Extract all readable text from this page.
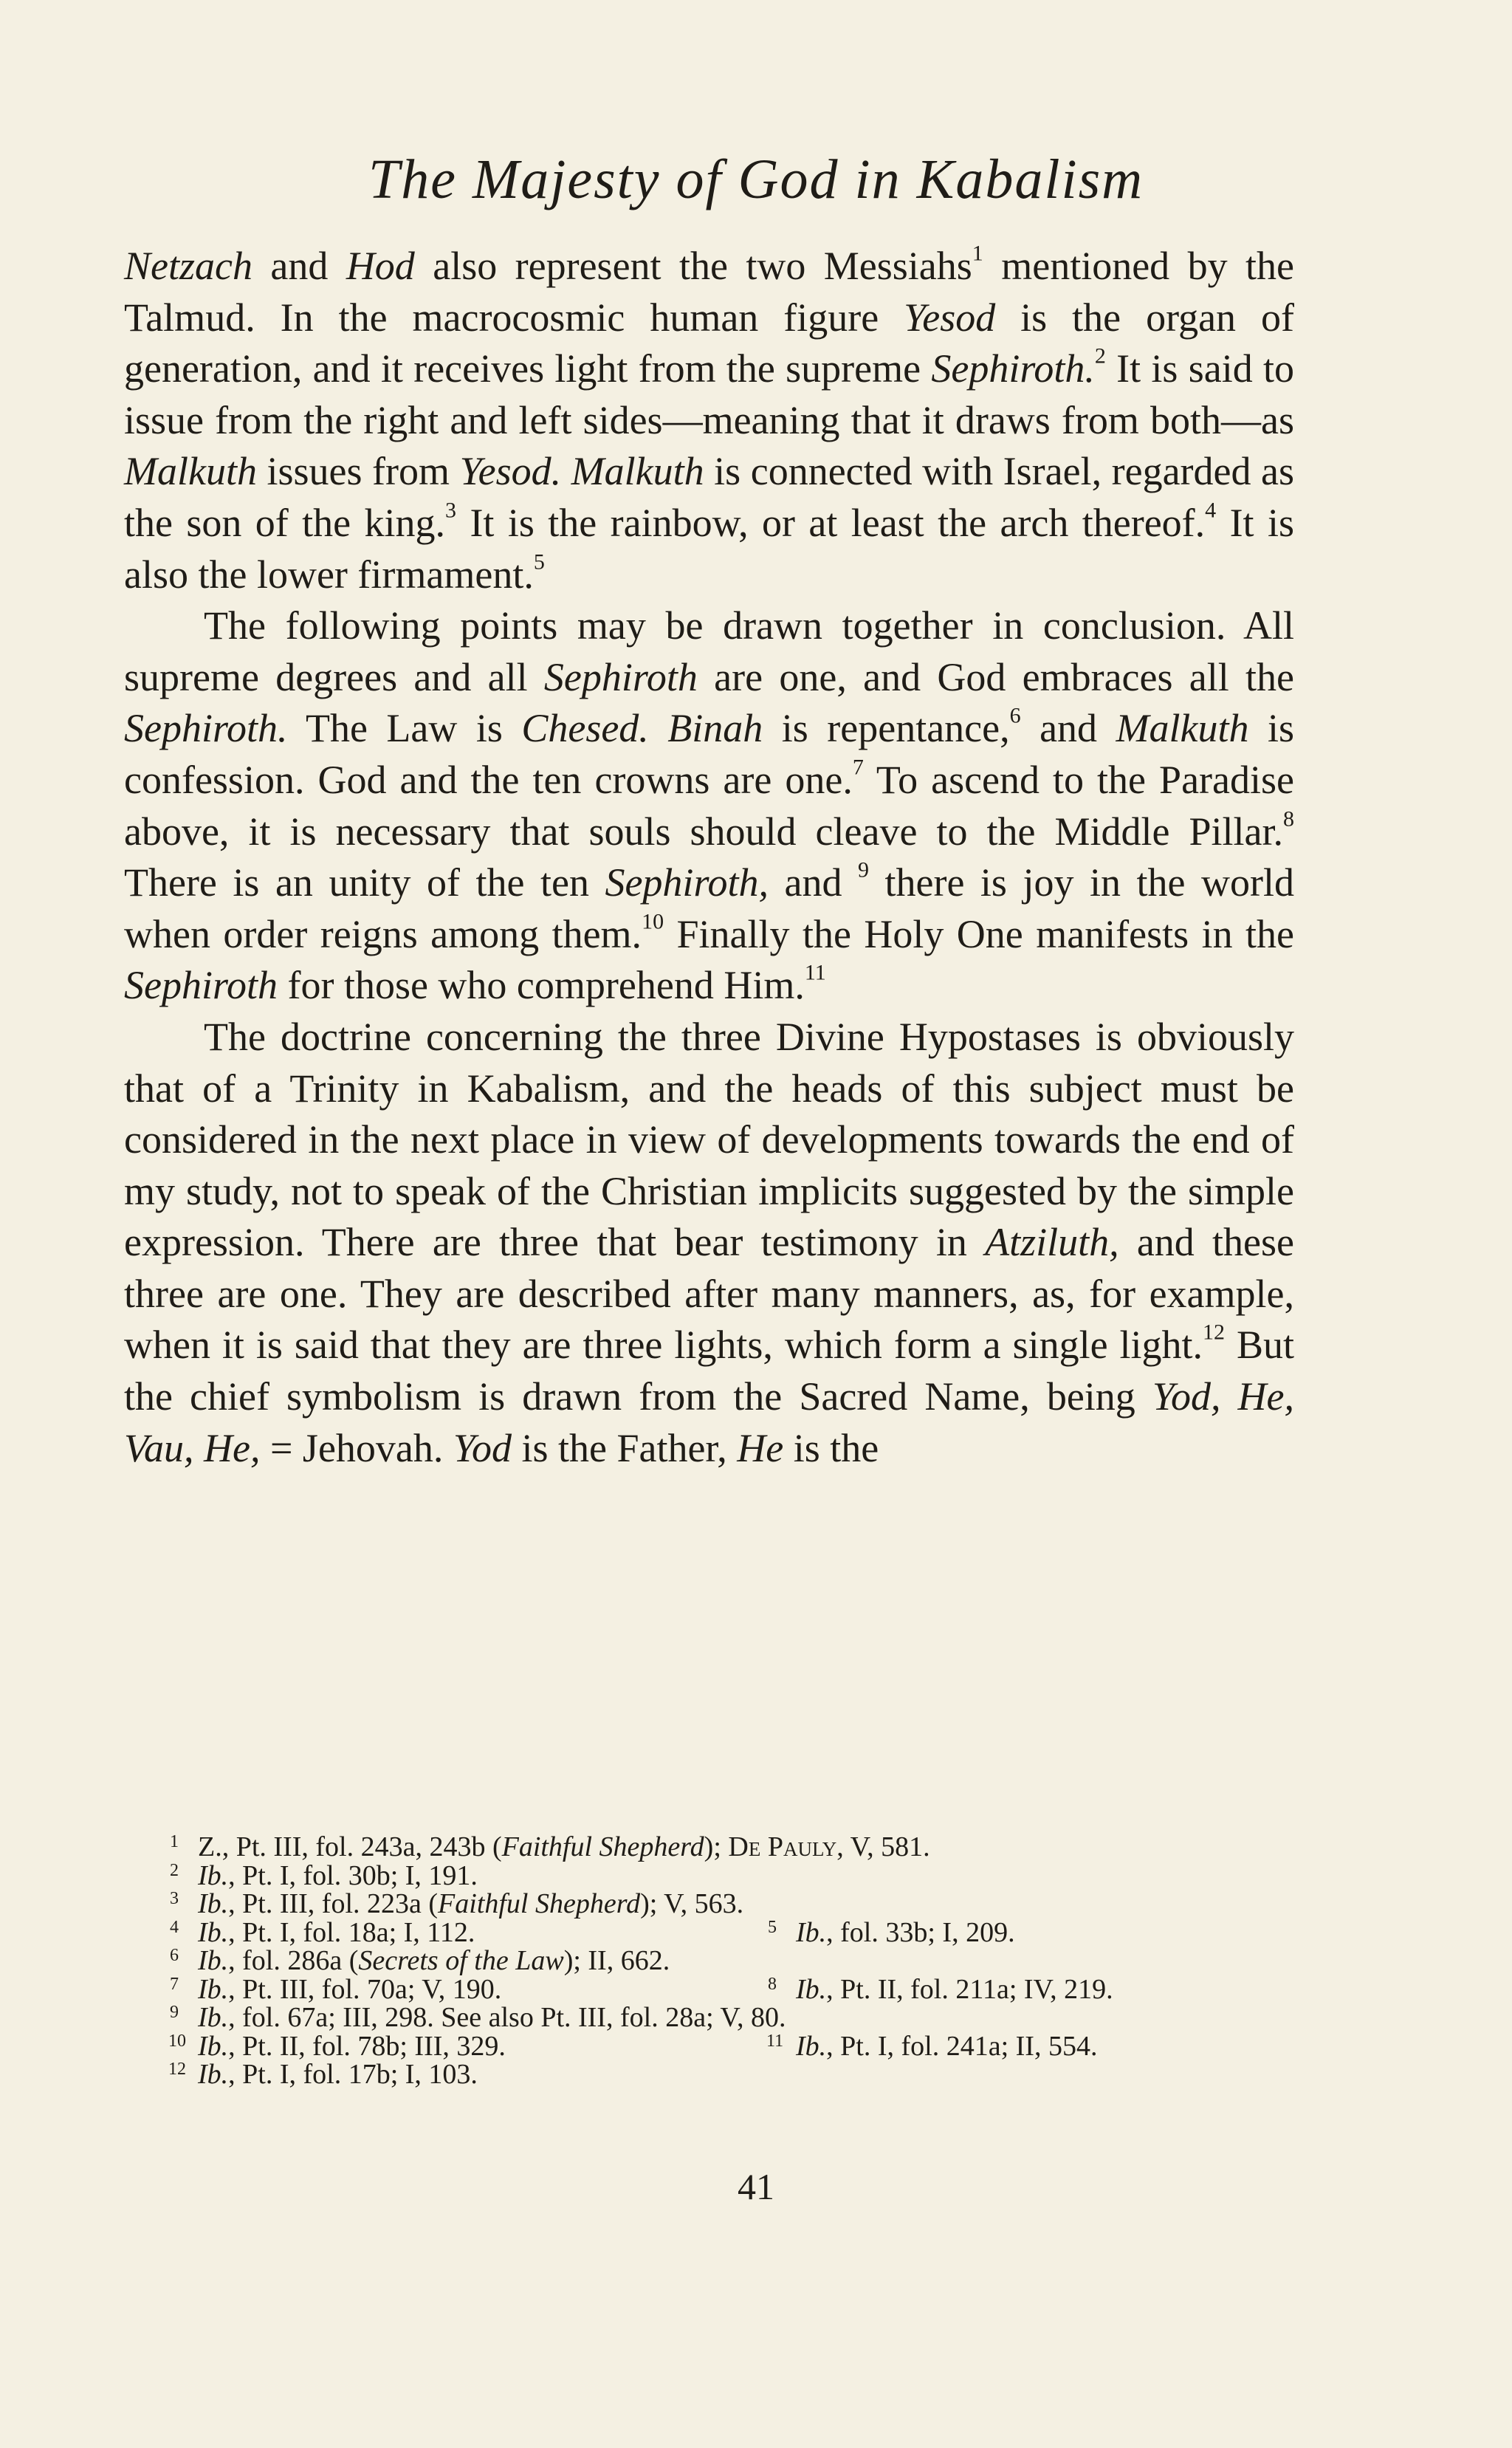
The Majesty of God in Kabalism

Netzach and Hod also represent the two Messiahs$^1$ mentioned by the Talmud. In the macrocosmic human figure Yesod is the organ of generation, and it receives light from the supreme Sephiroth.$^2$ It is said to issue from the right and left sides—meaning that it draws from both—as Malkuth issues from Yesod. Malkuth is connected with Israel, regarded as the son of the king.$^3$ It is the rainbow, or at least the arch thereof.$^4$ It is also the lower firmament.$^5$

The following points may be drawn together in conclusion. All supreme degrees and all Sephiroth are one, and God embraces all the Sephiroth. The Law is Chesed. Binah is repentance,$^6$ and Malkuth is confession. God and the ten crowns are one.$^7$ To ascend to the Paradise above, it is necessary that souls should cleave to the Middle Pillar.$^8$ There is an unity of the ten Sephiroth, and $^9$ there is joy in the world when order reigns among them.$^{10}$ Finally the Holy One manifests in the Sephiroth for those who comprehend Him.$^{11}$

The doctrine concerning the three Divine Hypostases is obviously that of a Trinity in Kabalism, and the heads of this subject must be considered in the next place in view of developments towards the end of my study, not to speak of the Christian implicits suggested by the simple expression. There are three that bear testimony in Atziluth, and these three are one. They are described after many manners, as, for example, when it is said that they are three lights, which form a single light.$^{12}$ But the chief symbolism is drawn from the Sacred Name, being Yod, He, Vau, He, = Jehovah. Yod is the Father, He is the

1 Z., Pt. III, fol. 243a, 243b (Faithful Shepherd); De Pauly, V, 581.
2 Ib., Pt. I, fol. 30b; I, 191.
3 Ib., Pt. III, fol. 223a (Faithful Shepherd); V, 563.
4 Ib., Pt. I, fol. 18a; I, 112.	5 Ib., fol. 33b; I, 209.
6 Ib., fol. 286a (Secrets of the Law); II, 662.
7 Ib., Pt. III, fol. 70a; V, 190.	8 Ib., Pt. II, fol. 211a; IV, 219.
9 Ib., fol. 67a; III, 298. See also Pt. III, fol. 28a; V, 80.
10 Ib., Pt. II, fol. 78b; III, 329.	11 Ib., Pt. I, fol. 241a; II, 554.
12 Ib., Pt. I, fol. 17b; I, 103.
41
